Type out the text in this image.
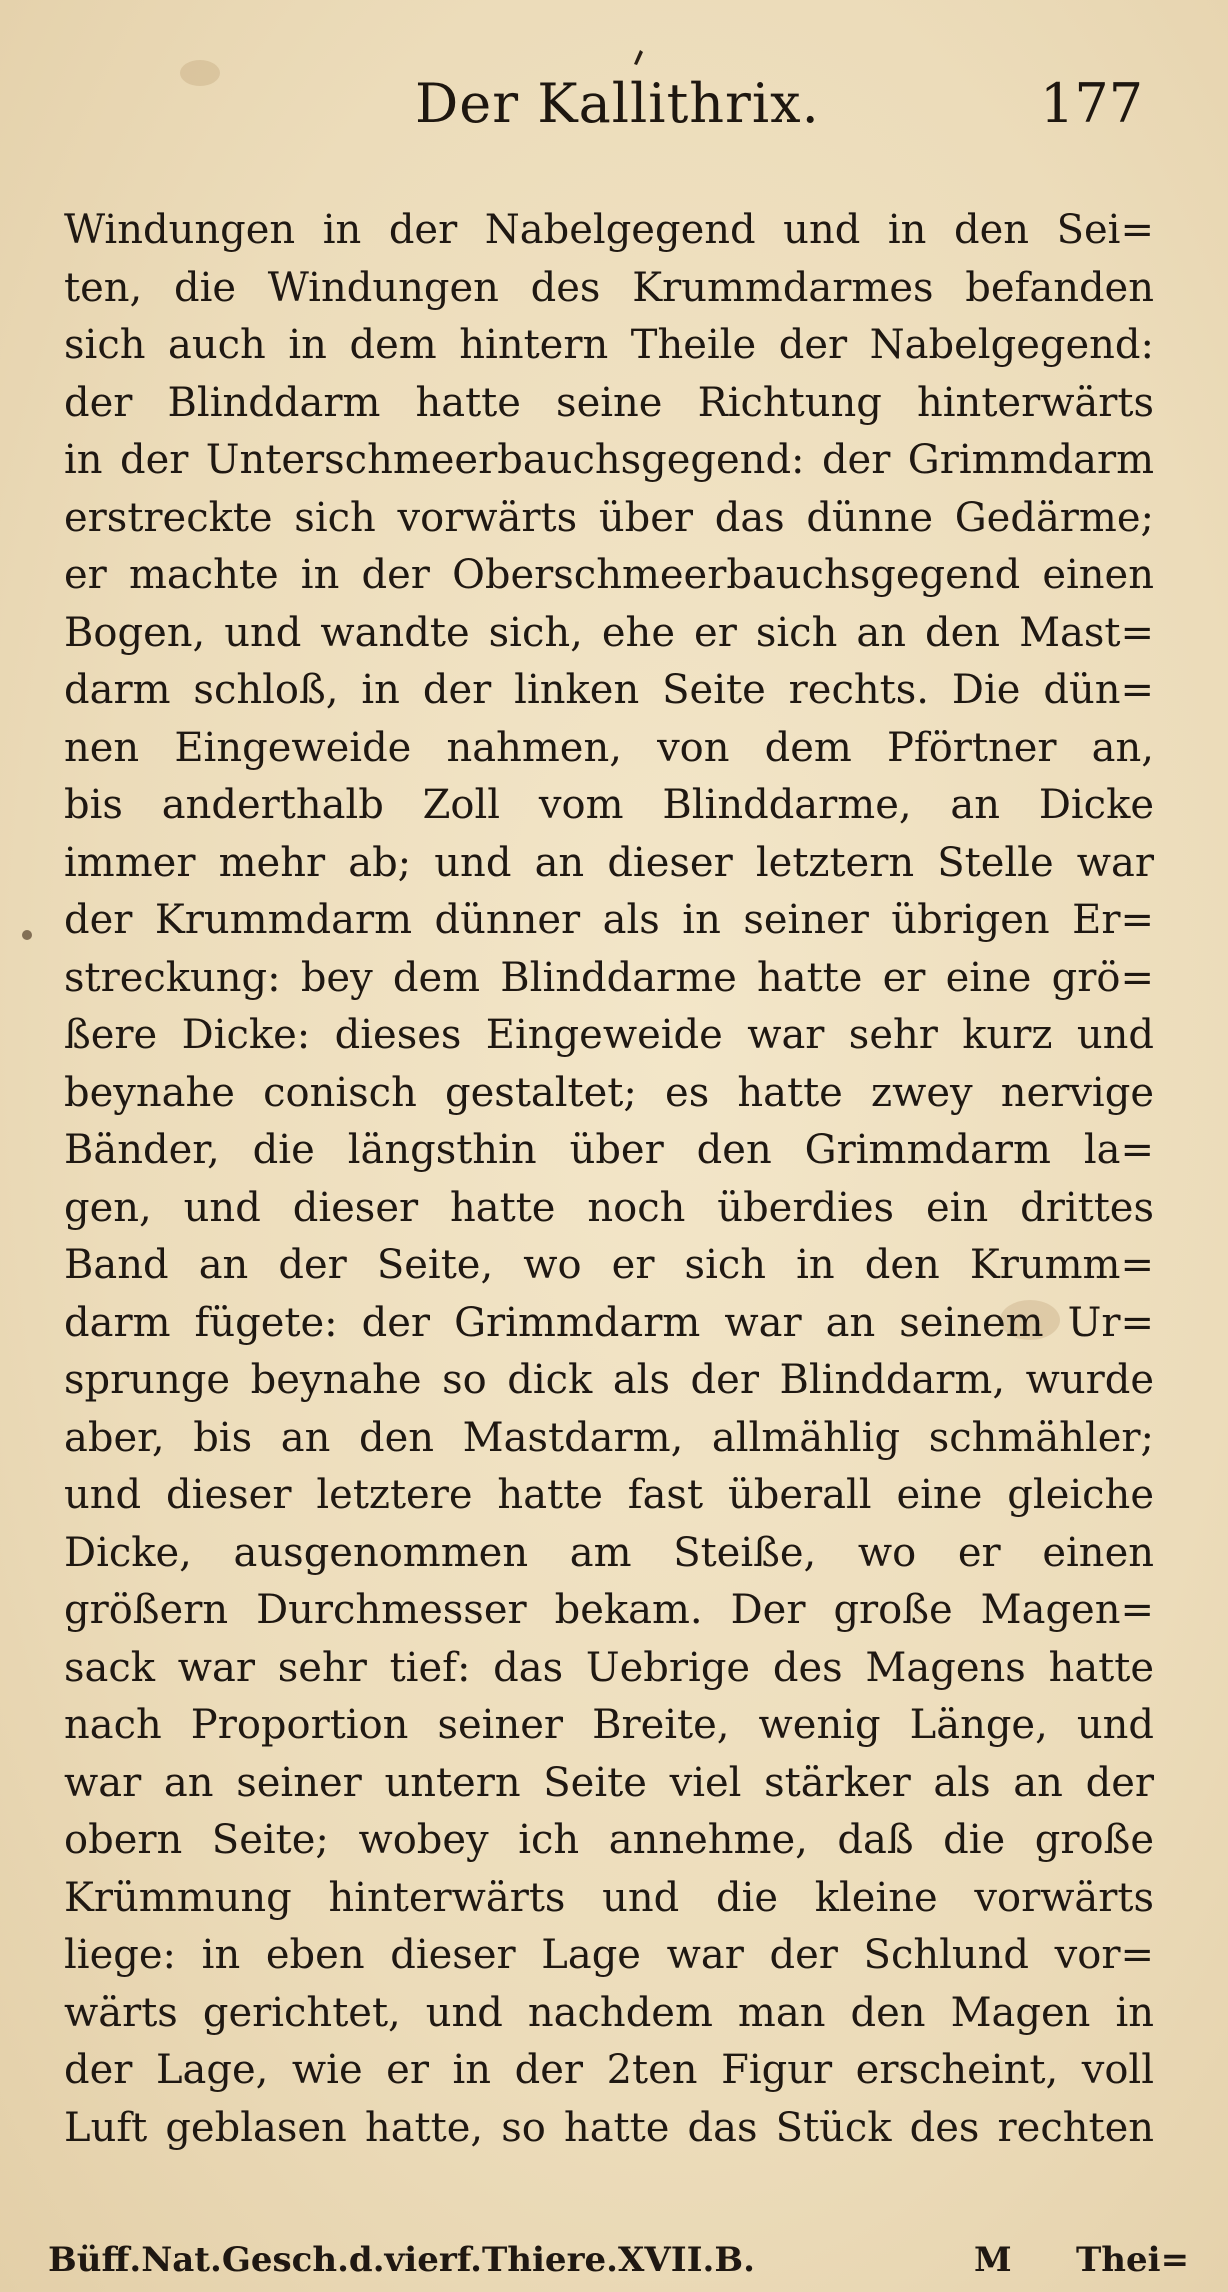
Der Kallithrix.	177
Windungen in der Nabelgegend und in den Sei=
ten, die Windungen des Krummdarmes befanden
sich auch in dem hintern Theile der Nabelgegend:
der Blinddarm hatte seine Richtung hinterwärts
in der Unterschmeerbauchsgegend: der Grimmdarm
erstreckte sich vorwärts über das dünne Gedärme;
er machte in der Oberschmeerbauchsgegend einen
Bogen, und wandte sich, ehe er sich an den Mast=
darm schloß, in der linken Seite rechts. Die dün=
nen Eingeweide nahmen, von dem Pförtner an,
bis anderthalb Zoll vom Blinddarme, an Dicke
immer mehr ab; und an dieser letztern Stelle war
der Krummdarm dünner als in seiner übrigen Er=
streckung: bey dem Blinddarme hatte er eine grö=
ßere Dicke: dieses Eingeweide war sehr kurz und
beynahe conisch gestaltet; es hatte zwey nervige
Bänder, die längsthin über den Grimmdarm la=
gen, und dieser hatte noch überdies ein drittes
Band an der Seite, wo er sich in den Krumm=
darm fügete: der Grimmdarm war an seinem Ur=
sprunge beynahe so dick als der Blinddarm, wurde
aber, bis an den Mastdarm, allmählig schmähler;
und dieser letztere hatte fast überall eine gleiche
Dicke, ausgenommen am Steiße, wo er einen
größern Durchmesser bekam. Der große Magen=
sack war sehr tief: das Uebrige des Magens hatte
nach Proportion seiner Breite, wenig Länge, und
war an seiner untern Seite viel stärker als an der
obern Seite; wobey ich annehme, daß die große
Krümmung hinterwärts und die kleine vorwärts
liege: in eben dieser Lage war der Schlund vor=
wärts gerichtet, und nachdem man den Magen in
der Lage, wie er in der 2ten Figur erscheint, voll
Luft geblasen hatte, so hatte das Stück des rechten
Büff.Nat.Gesch.d.vierf.Thiere.XVII.B.	M Thei=
